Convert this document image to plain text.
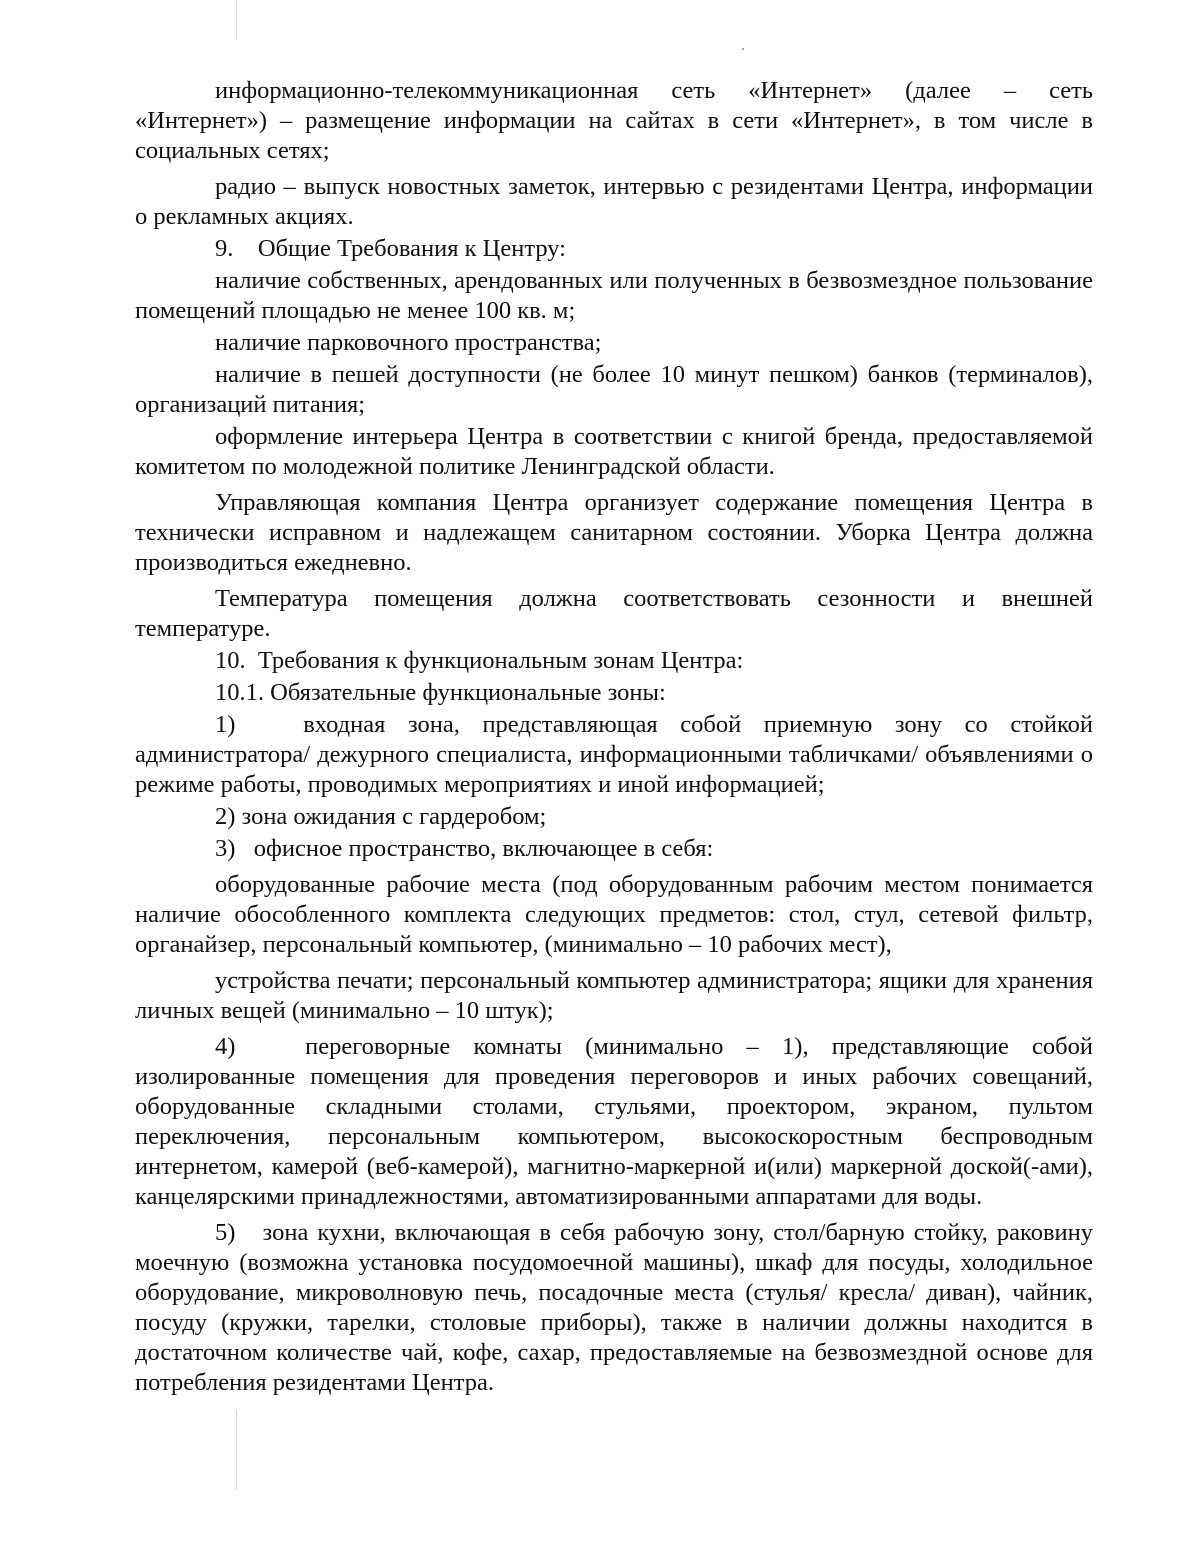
информационно-телекоммуникационная сеть «Интернет» (далее – сеть «Интернет») – размещение информации на сайтах в сети «Интернет», в том числе в социальных сетях;

радио – выпуск новостных заметок, интервью с резидентами Центра, информации о рекламных акциях.

9.    Общие Требования к Центру:

наличие собственных, арендованных или полученных в безвозмездное пользование помещений площадью не менее 100 кв. м;

наличие парковочного пространства;

наличие в пешей доступности (не более 10 минут пешком) банков (терминалов), организаций питания;

оформление интерьера Центра в соответствии с книгой бренда, предоставляемой комитетом по молодежной политике Ленинградской области.

Управляющая компания Центра организует содержание помещения Центра в технически исправном и надлежащем санитарном состоянии. Уборка Центра должна производиться ежедневно.

Температура помещения должна соответствовать сезонности и внешней температуре.

10.  Требования к функциональным зонам Центра:

10.1. Обязательные функциональные зоны:

1)   входная зона, представляющая собой приемную зону со стойкой администратора/ дежурного специалиста, информационными табличками/ объявлениями о режиме работы, проводимых мероприятиях и иной информацией;

2) зона ожидания с гардеробом;

3)   офисное пространство, включающее в себя:

оборудованные рабочие места (под оборудованным рабочим местом понимается наличие обособленного комплекта следующих предметов: стол, стул, сетевой фильтр, органайзер, персональный компьютер, (минимально – 10 рабочих мест),

устройства печати; персональный компьютер администратора; ящики для хранения личных вещей (минимально – 10 штук);

4)   переговорные комнаты (минимально – 1), представляющие собой изолированные помещения для проведения переговоров и иных рабочих совещаний, оборудованные складными столами, стульями, проектором, экраном, пультом переключения, персональным компьютером, высокоскоростным беспроводным интернетом, камерой (веб-камерой), магнитно-маркерной и(или) маркерной доской(-ами), канцелярскими принадлежностями, автоматизированными аппаратами для воды.

5)   зона кухни, включающая в себя рабочую зону, стол/барную стойку, раковину моечную (возможна установка посудомоечной машины), шкаф для посуды, холодильное оборудование, микроволновую печь, посадочные места (стулья/ кресла/ диван), чайник, посуду (кружки, тарелки, столовые приборы), также в наличии должны находится в достаточном количестве чай, кофе, сахар, предоставляемые на безвозмездной основе для потребления резидентами Центра.
